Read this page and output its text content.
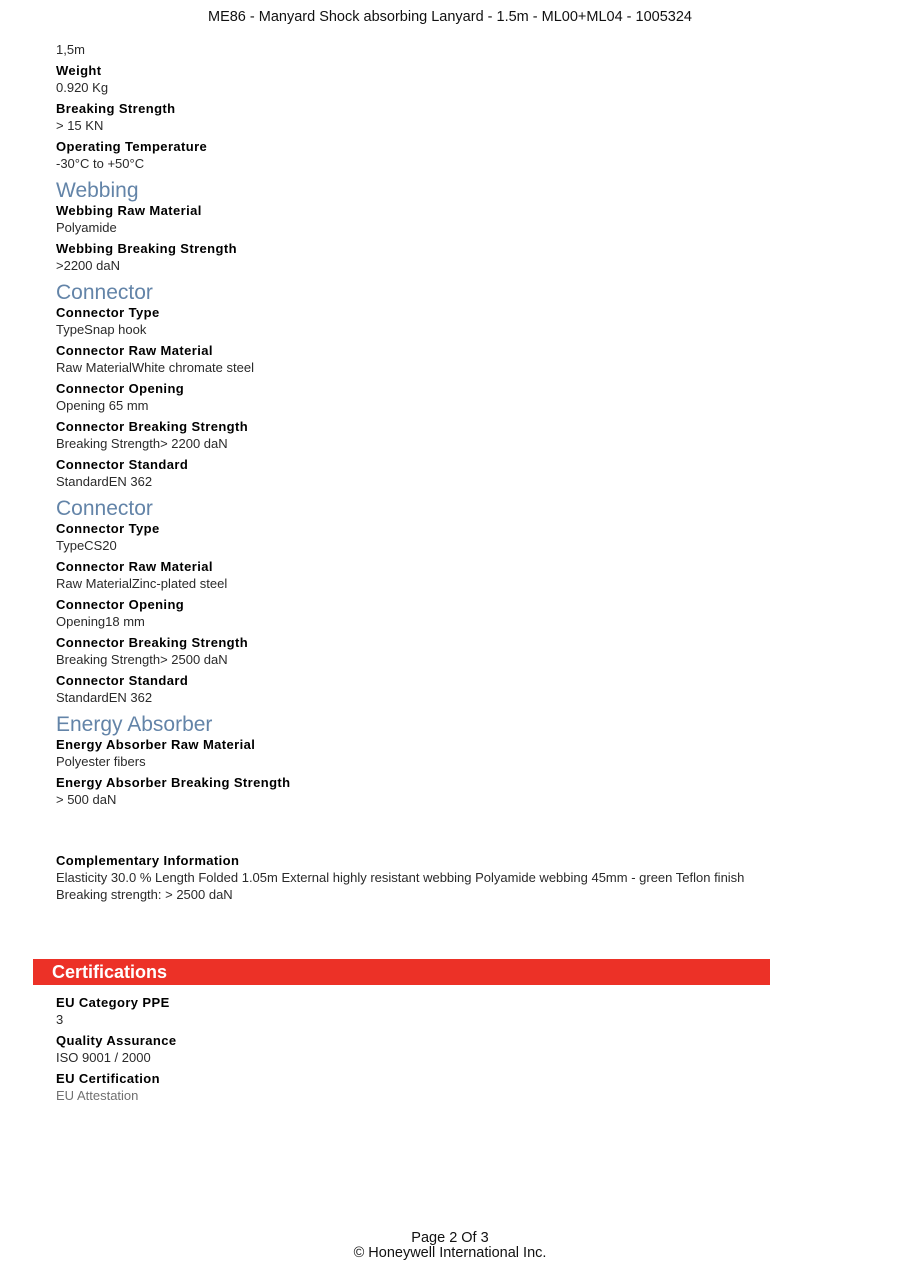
ME86 - Manyard Shock absorbing Lanyard - 1.5m - ML00+ML04 - 1005324
1,5m
Weight
0.920 Kg
Breaking Strength
> 15 KN
Operating Temperature
-30°C to +50°C
Webbing
Webbing Raw Material
Polyamide
Webbing Breaking Strength
>2200 daN
Connector
Connector Type
TypeSnap hook
Connector Raw Material
Raw MaterialWhite chromate steel
Connector Opening
Opening 65 mm
Connector Breaking Strength
Breaking Strength> 2200 daN
Connector Standard
StandardEN 362
Connector
Connector Type
TypeCS20
Connector Raw Material
Raw MaterialZinc-plated steel
Connector Opening
Opening18 mm
Connector Breaking Strength
Breaking Strength> 2500 daN
Connector Standard
StandardEN 362
Energy Absorber
Energy Absorber Raw Material
Polyester fibers
Energy Absorber Breaking Strength
> 500 daN
Complementary Information
Elasticity 30.0 % Length Folded 1.05m External highly resistant webbing Polyamide webbing 45mm - green Teflon finish
Breaking strength: > 2500 daN
Certifications
EU Category PPE
3
Quality Assurance
ISO 9001 / 2000
EU Certification
EU Attestation
Page 2 Of 3
© Honeywell International Inc.
